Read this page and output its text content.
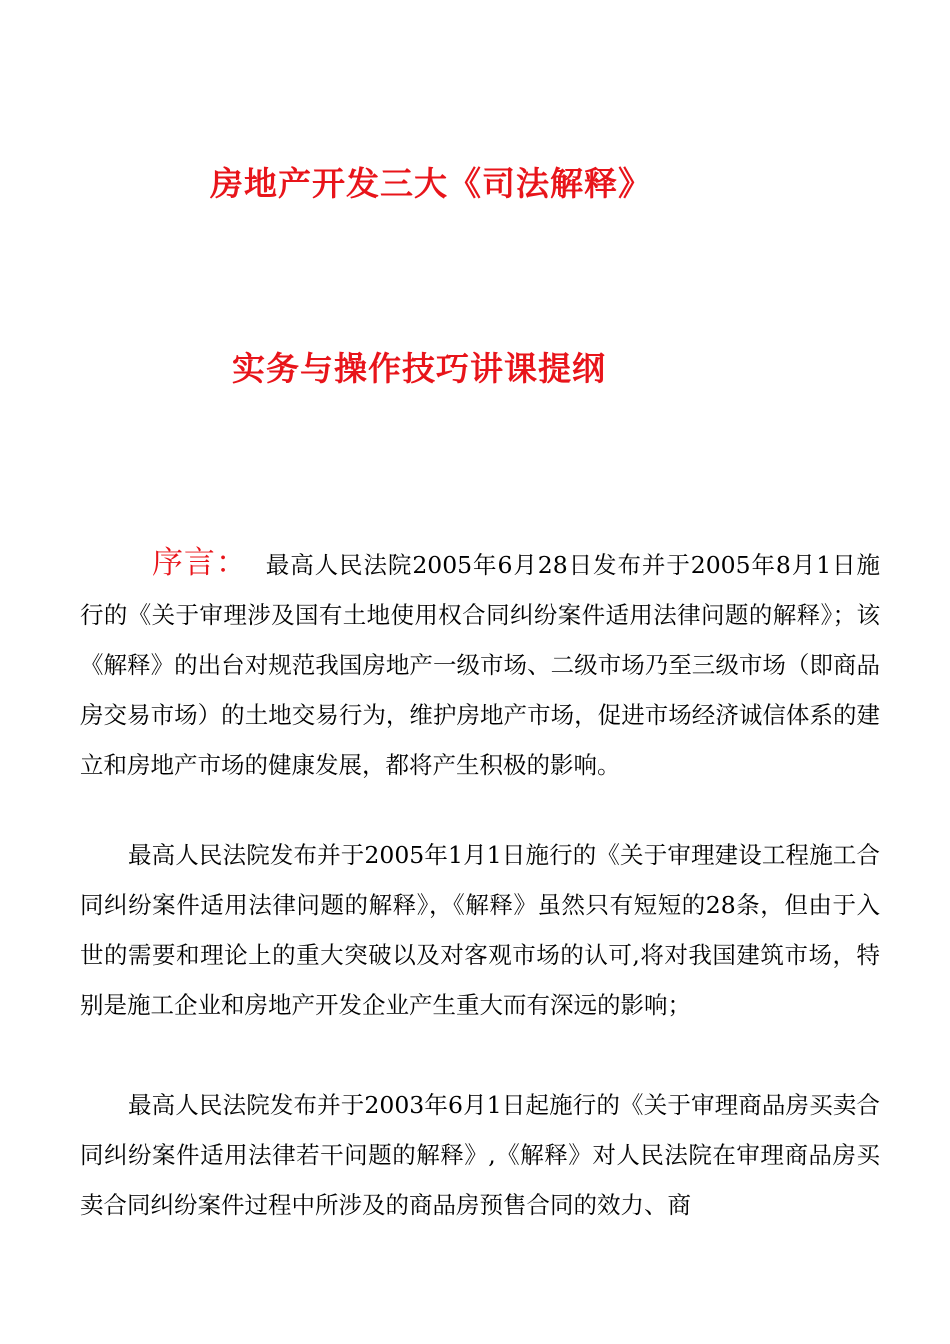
房地产开发三大《司法解释》
实务与操作技巧讲课提纲

序言： 最高人民法院2005年6月28日发布并于2005年8月1日施行的《关于审理涉及国有土地使用权合同纠纷案件适用法律问题的解释》；该《解释》的出台对规范我国房地产一级市场、二级市场乃至三级市场（即商品房交易市场）的土地交易行为，维护房地产市场，促进市场经济诚信体系的建立和房地产市场的健康发展，都将产生积极的影响。

最高人民法院发布并于2005年1月1日施行的《关于审理建设工程施工合同纠纷案件适用法律问题的解释》，《解释》虽然只有短短的28条，但由于入世的需要和理论上的重大突破以及对客观市场的认可,将对我国建筑市场，特别是施工企业和房地产开发企业产生重大而有深远的影响；

最高人民法院发布并于2003年6月1日起施行的《关于审理商品房买卖合同纠纷案件适用法律若干问题的解释》,《解释》对人民法院在审理商品房买卖合同纠纷案件过程中所涉及的商品房预售合同的效力、商
